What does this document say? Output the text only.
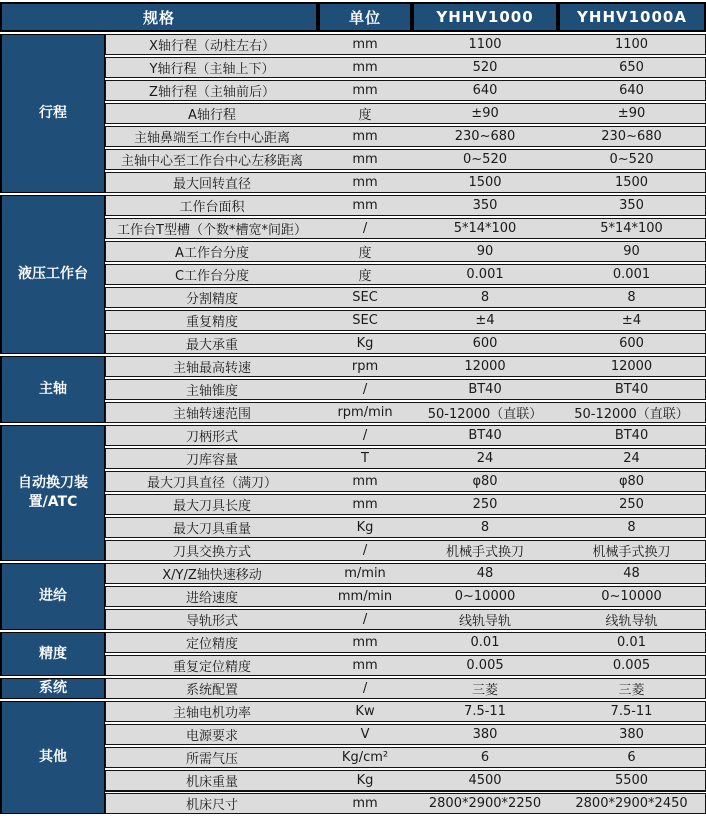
规格		单位	YHHV1000	YHHV1000A
行程	X轴行程（动柱左右）	mm	1100	1100
	Y轴行程（主轴上下）	mm	520	650
	Z轴行程（主轴前后）	mm	640	640
	A轴行程	度	±90	±90
	主轴鼻端至工作台中心距离	mm	230~680	230~680
	主轴中心至工作台中心左移距离	mm	0~520	0~520
	最大回转直径	mm	1500	1500
液压工作台	工作台面积	mm	350	350
	工作台T型槽（个数*槽宽*间距）	/	5*14*100	5*14*100
	A工作台分度	度	90	90
	C工作台分度	度	0.001	0.001
	分割精度	SEC	8	8
	重复精度	SEC	±4	±4
	最大承重	Kg	600	600
主轴	主轴最高转速	rpm	12000	12000
	主轴锥度	/	BT40	BT40
	主轴转速范围	rpm/min	50-12000（直联）	50-12000（直联）
自动换刀装置/ATC	刀柄形式	/	BT40	BT40
	刀库容量	T	24	24
	最大刀具直径（满刀）	mm	φ80	φ80
	最大刀具长度	mm	250	250
	最大刀具重量	Kg	8	8
	刀具交换方式	/	机械手式换刀	机械手式换刀
进给	X/Y/Z轴快速移动	m/min	48	48
	进给速度	mm/min	0~10000	0~10000
	导轨形式	/	线轨导轨	线轨导轨
精度	定位精度	mm	0.01	0.01
	重复定位精度	mm	0.005	0.005
系统	系统配置	/	三菱	三菱
其他	主轴电机功率	Kw	7.5-11	7.5-11
	电源要求	V	380	380
	所需气压	Kg/cm²	6	6
	机床重量	Kg	4500	5500
	机床尺寸	mm	2800*2900*2250	2800*2900*2450
